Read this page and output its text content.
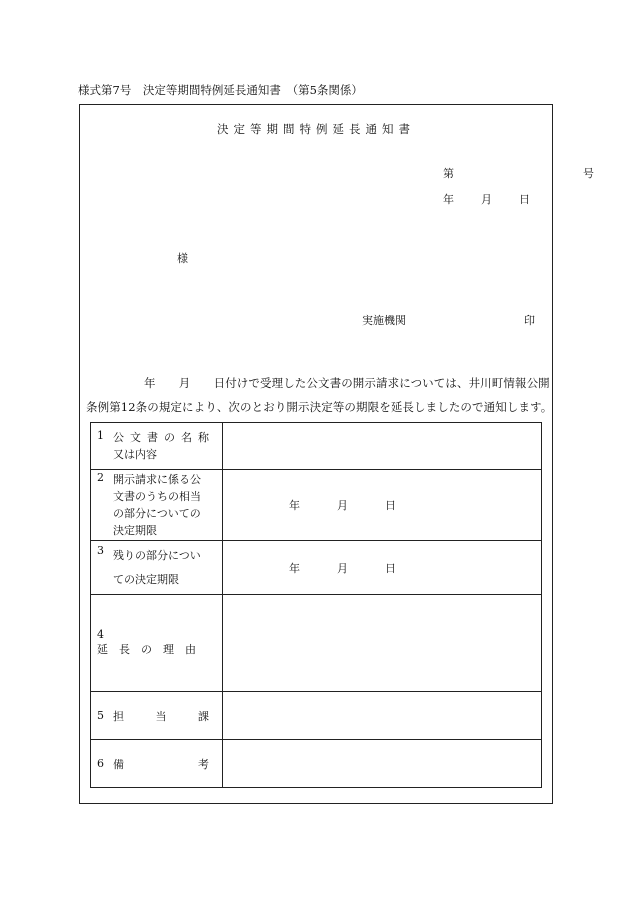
様式第7号　決定等期間特例延長通知書　（第5条関係）
決定等期間特例延長通知書
第	号
年 月 日
様
実施機関	印
　　　　　年　　月　　日付けで受理した公文書の開示請求については、井川町情報公開
条例第12条の規定により、次のとおり開示決定等の期限を延長しましたので通知します。
1 公文書の名称
又は内容	
2 開示請求に係る公
文書のうちの相当
の部分についての
決定期限	年 月 日
3 残りの部分につい
ての決定期限	年 月 日
4延長の理由	

5 担 当 課	

6 備 考	
